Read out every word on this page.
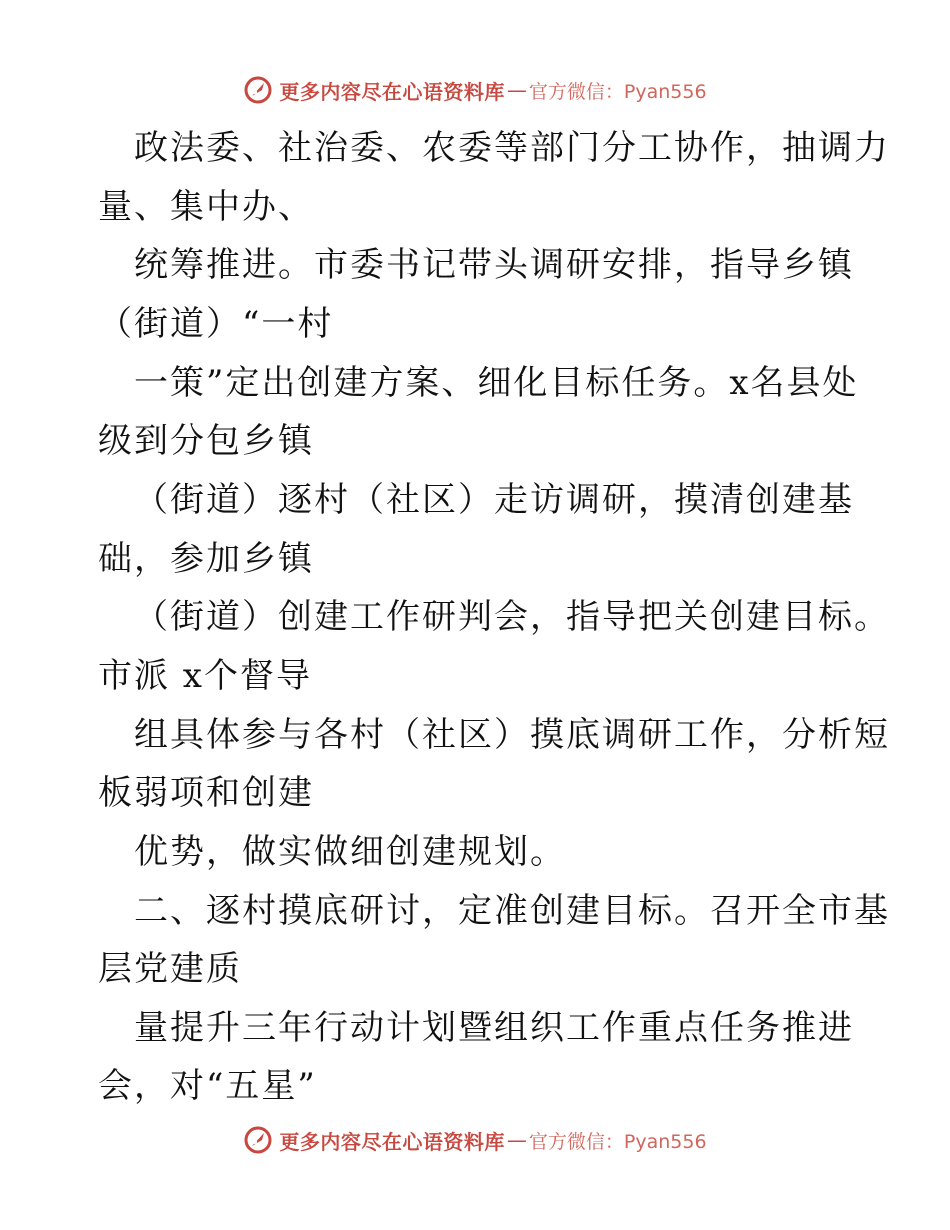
更多内容尽在心语资料库 — 官方微信：Pyan556
政法委、社治委、农委等部门分工协作，抽调力
量、集中办、
统筹推进。市委书记带头调研安排，指导乡镇
（街道）“一村
一策”定出创建方案、细化目标任务。x名县处
级到分包乡镇
（街道）逐村（社区）走访调研，摸清创建基
础，参加乡镇
（街道）创建工作研判会，指导把关创建目标。
市派 x个督导
组具体参与各村（社区）摸底调研工作，分析短
板弱项和创建
优势，做实做细创建规划。
二、逐村摸底研讨，定准创建目标。召开全市基
层党建质
量提升三年行动计划暨组织工作重点任务推进
会，对“五星”
更多内容尽在心语资料库 — 官方微信：Pyan556
